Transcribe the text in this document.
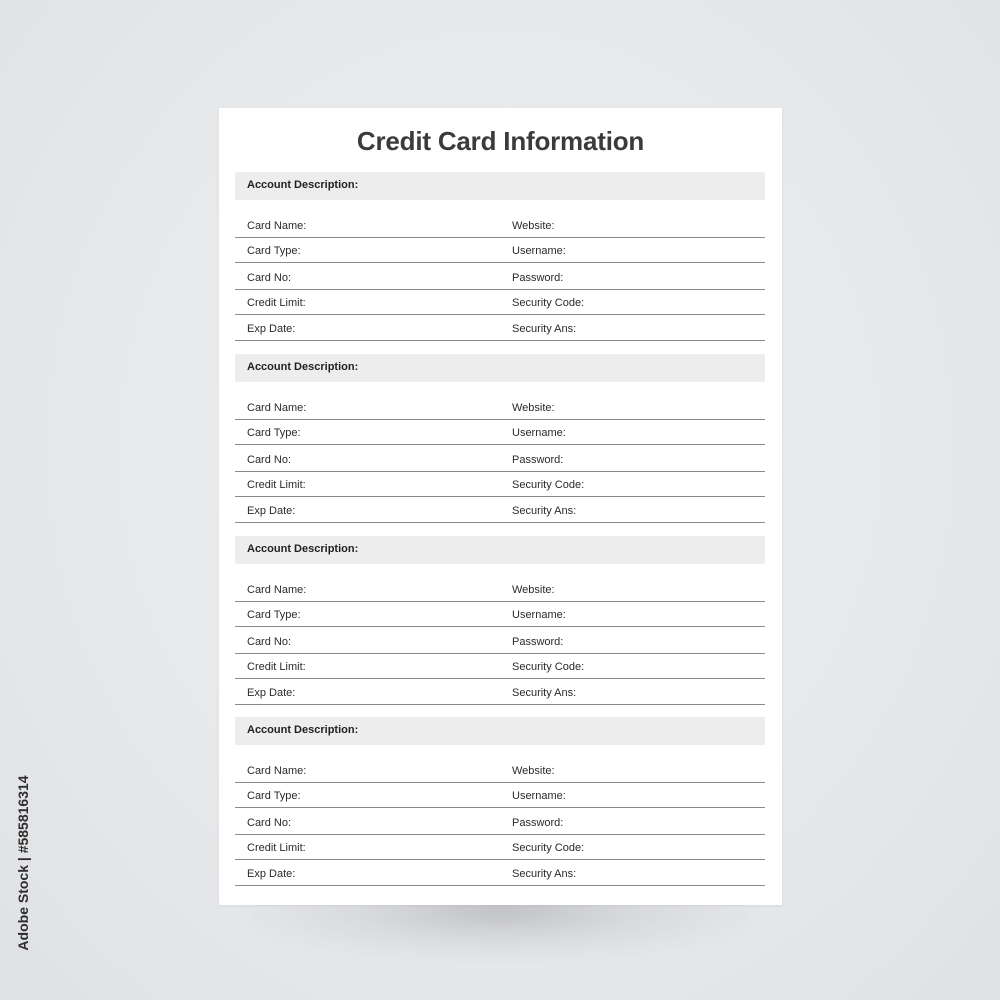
Credit Card Information
Account Description:
Card Name:	Website:
Card Type:	Username:
Card No:	Password:
Credit Limit:	Security Code:
Exp Date:	Security Ans:
Account Description:
Card Name:	Website:
Card Type:	Username:
Card No:	Password:
Credit Limit:	Security Code:
Exp Date:	Security Ans:
Account Description:
Card Name:	Website:
Card Type:	Username:
Card No:	Password:
Credit Limit:	Security Code:
Exp Date:	Security Ans:
Account Description:
Card Name:	Website:
Card Type:	Username:
Card No:	Password:
Credit Limit:	Security Code:
Exp Date:	Security Ans:
Adobe Stock | #585816314
